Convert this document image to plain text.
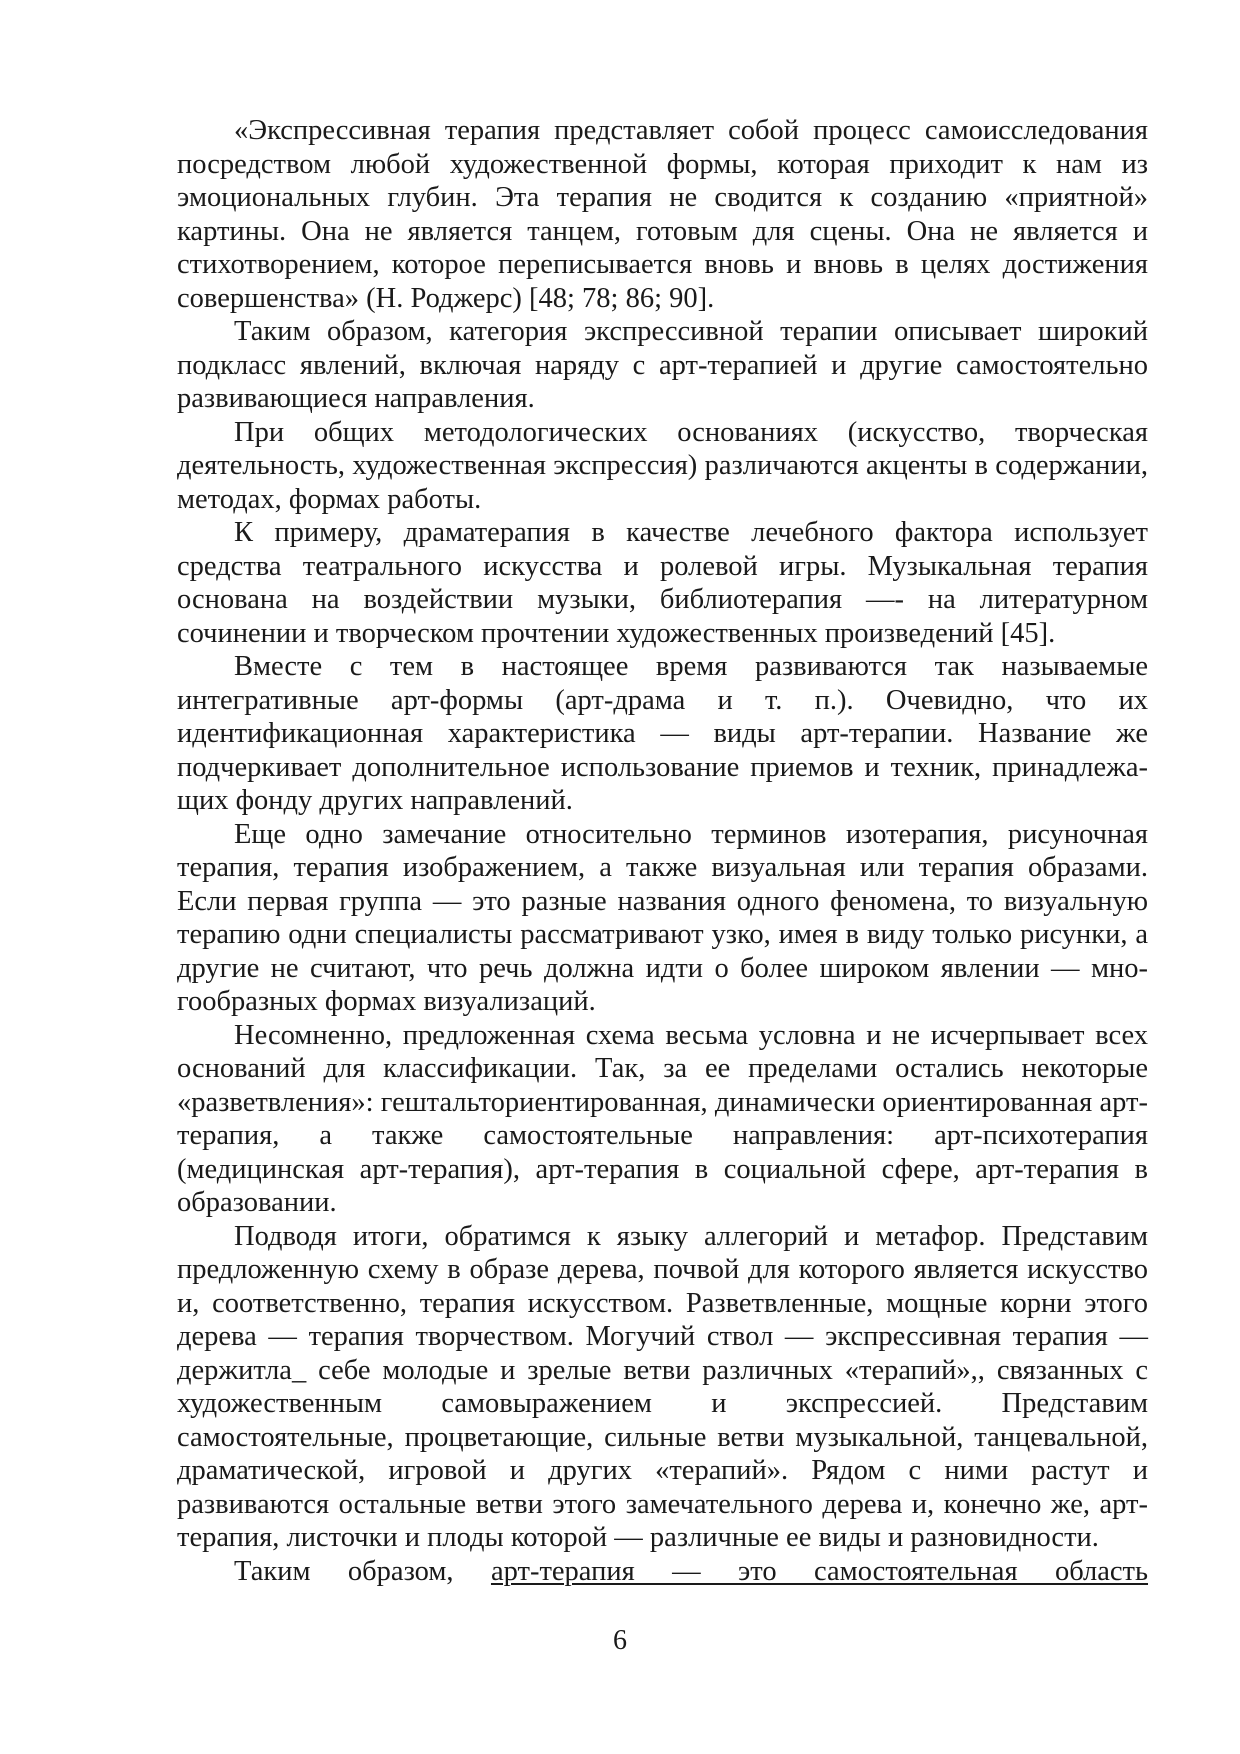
«Экспрессивная терапия представляет собой процесс самоисследования посредством любой художественной формы, которая приходит к нам из эмоциональных глубин. Эта терапия не сводится к созданию «приятной» картины. Она не является танцем, готовым для сцены. Она не является и стихотворением, которое переписывается вновь и вновь в целях достижения совершенства» (Н. Роджерс) [48; 78; 86; 90].

Таким образом, категория экспрессивной терапии описывает широкий подкласс явлений, включая наряду с арт-терапией и другие самостоятельно развивающиеся направления.

При общих методологических основаниях (искусство, творческая деятельность, художественная экспрессия) различаются акценты в содержании, методах, формах работы.

К примеру, драматерапия в качестве лечебного фактора использует средства театрального искусства и ролевой игры. Музыкальная терапия основана на воздействии музыки, библиотерапия —- на литературном сочинении и творческом прочтении художественных произведений [45].

Вместе с тем в настоящее время развиваются так называемые интегративные арт-формы (арт-драма и т. п.). Очевидно, что их идентификационная характеристика — виды арт-терапии. Название же подчеркивает дополнительное использование приемов и техник, принадлежащих фонду других направлений.

Еще одно замечание относительно терминов изотерапия, рисуночная терапия, терапия изображением, а также визуальная или терапия образами. Если первая группа — это разные названия одного феномена, то визуальную терапию одни специалисты рассматривают узко, имея в виду только рисунки, а другие не считают, что речь должна идти о более широком явлении — многообразных формах визуализаций.

Несомненно, предложенная схема весьма условна и не исчерпывает всех оснований для классификации. Так, за ее пределами остались некоторые «разветвления»: гештальториентированная, динамически ориентированная арт-терапия, а также самостоятельные направления: арт-психотерапия (медицинская арт-терапия), арт-терапия в социальной сфере, арт-терапия в образовании.

Подводя итоги, обратимся к языку аллегорий и метафор. Представим предложенную схему в образе дерева, почвой для которого является искусство и, соответственно, терапия искусством. Разветвленные, мощные корни этого дерева — терапия творчеством. Могучий ствол — экспрессивная терапия — держитла_ себе молодые и зрелые ветви различных «терапий»,, связанных с художественным самовыражением и экспрессией. Представим самостоятельные, процветающие, сильные ветви музыкальной, танцевальной, драматической, игровой и других «терапий». Рядом с ними растут и развиваются остальные ветви этого замечательного дерева и, конечно же, арт-терапия, листочки и плоды которой — различные ее виды и разновидности.

Таким образом, арт-терапия — это самостоятельная область

6
